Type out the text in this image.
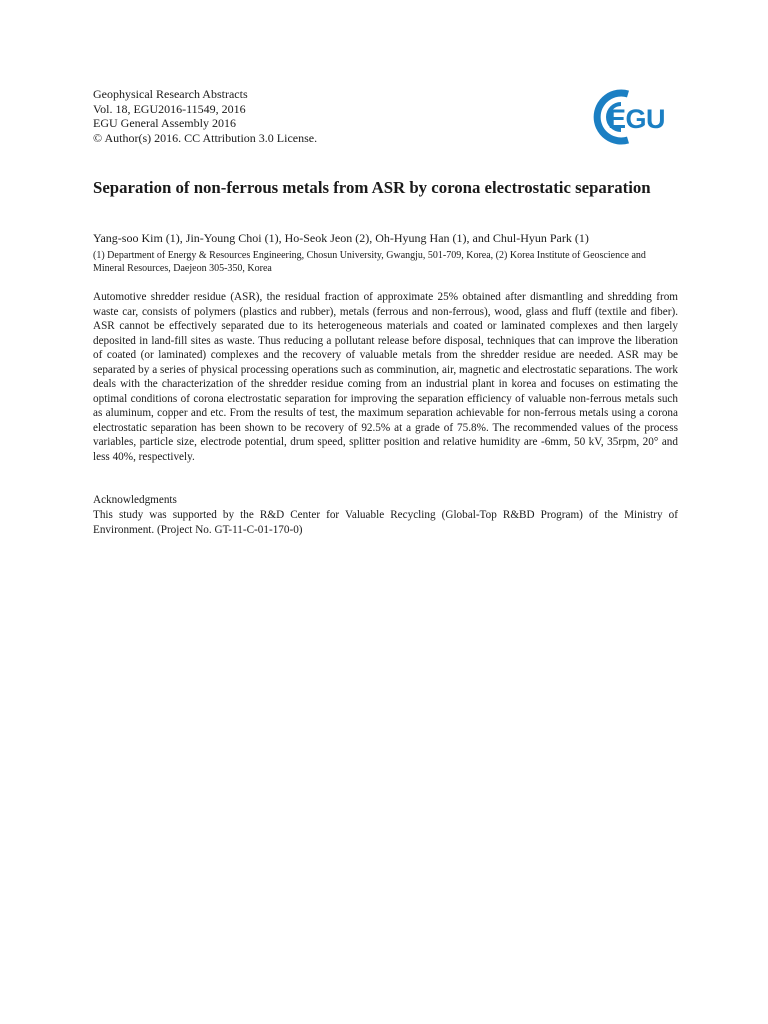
Geophysical Research Abstracts
Vol. 18, EGU2016-11549, 2016
EGU General Assembly 2016
© Author(s) 2016. CC Attribution 3.0 License.
EGU
Separation of non-ferrous metals from ASR by corona electrostatic separation
Yang-soo Kim (1), Jin-Young Choi (1), Ho-Seok Jeon (2), Oh-Hyung Han (1), and Chul-Hyun Park (1)
(1) Department of Energy & Resources Engineering, Chosun University, Gwangju, 501-709, Korea, (2) Korea Institute of Geoscience and Mineral Resources, Daejeon 305-350, Korea

Automotive shredder residue (ASR), the residual fraction of approximate 25% obtained after dismantling and shredding from waste car, consists of polymers (plastics and rubber), metals (ferrous and non-ferrous), wood, glass and fluff (textile and fiber). ASR cannot be effectively separated due to its heterogeneous materials and coated or laminated complexes and then largely deposited in land-fill sites as waste. Thus reducing a pollutant release before disposal, techniques that can improve the liberation of coated (or laminated) complexes and the recovery of valuable metals from the shredder residue are needed. ASR may be separated by a series of physical processing operations such as comminution, air, magnetic and electrostatic separations. The work deals with the characterization of the shredder residue coming from an industrial plant in korea and focuses on estimating the optimal conditions of corona electrostatic separation for improving the separation efficiency of valuable non-ferrous metals such as aluminum, copper and etc. From the results of test, the maximum separation achievable for non-ferrous metals using a corona electrostatic separation has been shown to be recovery of 92.5% at a grade of 75.8%. The recommended values of the process variables, particle size, electrode potential, drum speed, splitter position and relative humidity are -6mm, 50 kV, 35rpm, 20° and less 40%, respectively.

Acknowledgments

This study was supported by the R&D Center for Valuable Recycling (Global-Top R&BD Program) of the Ministry of Environment. (Project No. GT-11-C-01-170-0)
